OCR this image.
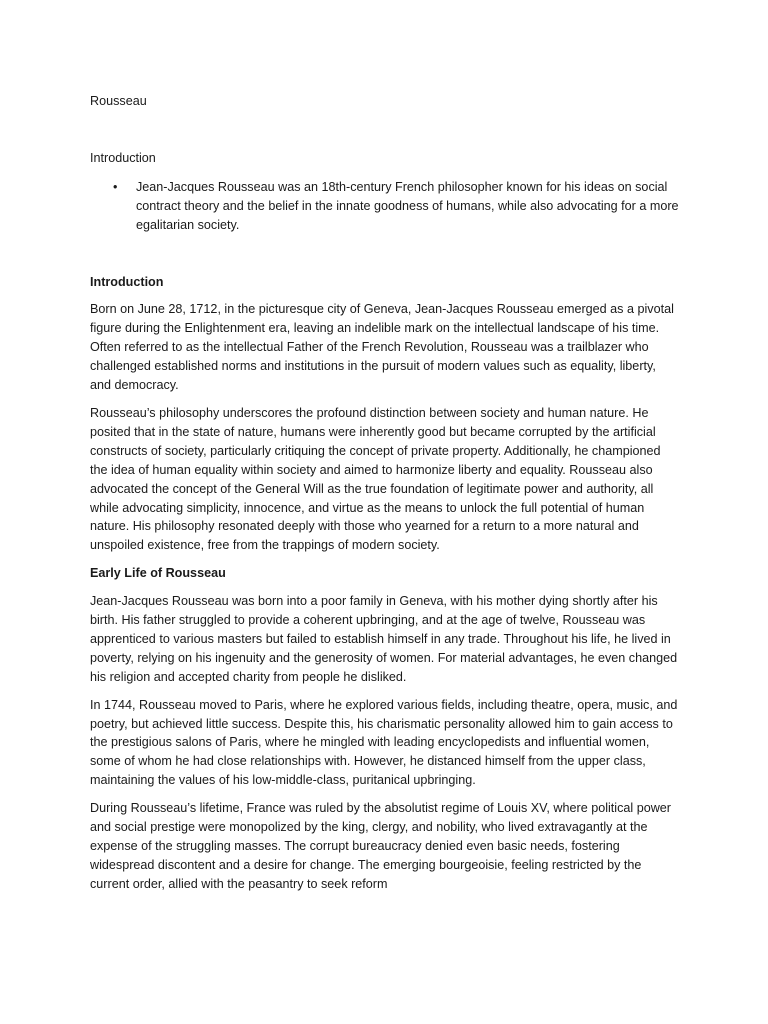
Rousseau

Introduction

• Jean-Jacques Rousseau was an 18th-century French philosopher known for his ideas on social contract theory and the belief in the innate goodness of humans, while also advocating for a more egalitarian society.
Introduction

Born on June 28, 1712, in the picturesque city of Geneva, Jean-Jacques Rousseau emerged as a pivotal figure during the Enlightenment era, leaving an indelible mark on the intellectual landscape of his time. Often referred to as the intellectual Father of the French Revolution, Rousseau was a trailblazer who challenged established norms and institutions in the pursuit of modern values such as equality, liberty, and democracy.

Rousseau’s philosophy underscores the profound distinction between society and human nature. He posited that in the state of nature, humans were inherently good but became corrupted by the artificial constructs of society, particularly critiquing the concept of private property. Additionally, he championed the idea of human equality within society and aimed to harmonize liberty and equality. Rousseau also advocated the concept of the General Will as the true foundation of legitimate power and authority, all while advocating simplicity, innocence, and virtue as the means to unlock the full potential of human nature. His philosophy resonated deeply with those who yearned for a return to a more natural and unspoiled existence, free from the trappings of modern society.

Early Life of Rousseau

Jean-Jacques Rousseau was born into a poor family in Geneva, with his mother dying shortly after his birth. His father struggled to provide a coherent upbringing, and at the age of twelve, Rousseau was apprenticed to various masters but failed to establish himself in any trade. Throughout his life, he lived in poverty, relying on his ingenuity and the generosity of women. For material advantages, he even changed his religion and accepted charity from people he disliked.

In 1744, Rousseau moved to Paris, where he explored various fields, including theatre, opera, music, and poetry, but achieved little success. Despite this, his charismatic personality allowed him to gain access to the prestigious salons of Paris, where he mingled with leading encyclopedists and influential women, some of whom he had close relationships with. However, he distanced himself from the upper class, maintaining the values of his low-middle-class, puritanical upbringing.

During Rousseau’s lifetime, France was ruled by the absolutist regime of Louis XV, where political power and social prestige were monopolized by the king, clergy, and nobility, who lived extravagantly at the expense of the struggling masses. The corrupt bureaucracy denied even basic needs, fostering widespread discontent and a desire for change. The emerging bourgeoisie, feeling restricted by the current order, allied with the peasantry to seek reform
